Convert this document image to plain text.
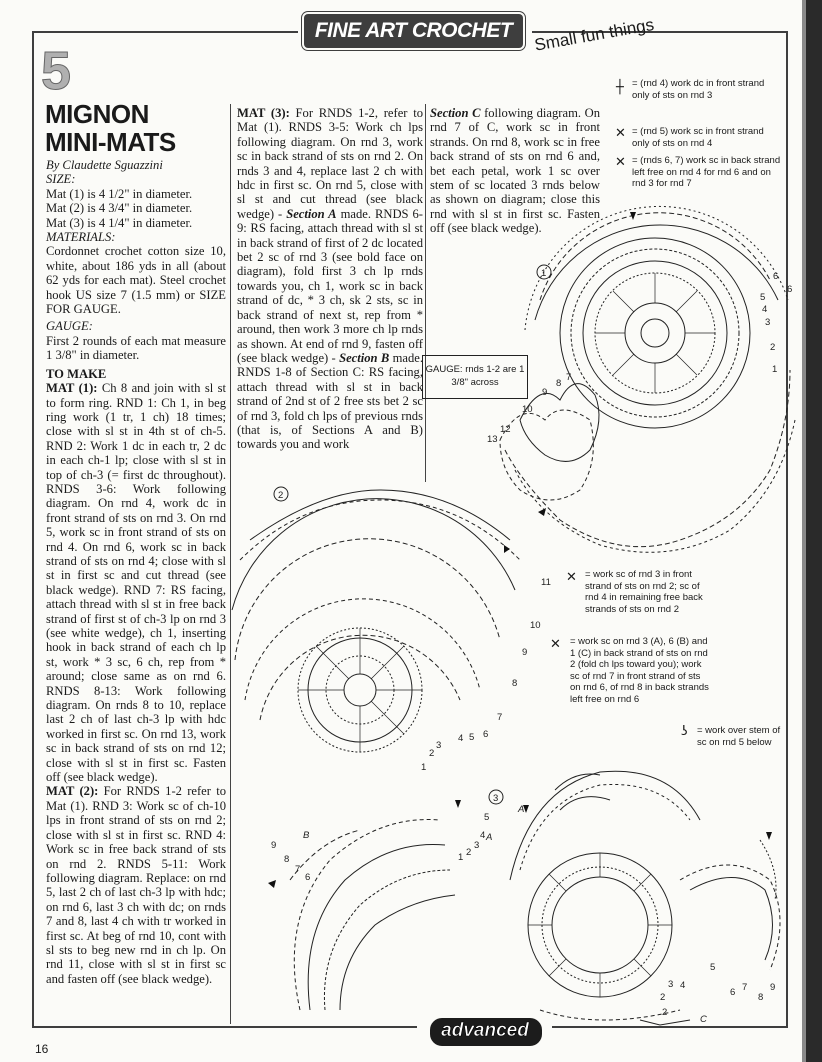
FINE ART CROCHET	Small fun things
5
MIGNON
MINI-MATS

By Claudette Sguazzini

SIZE:

Mat (1) is 4 1/2" in diameter.

Mat (2) is 4 3/4" in diameter.

Mat (3) is 4 1/4" in diameter.

MATERIALS:

Cordonnet crochet cotton size 10, white, about 186 yds in all (about 62 yds for each mat). Steel crochet hook US size 7 (1.5 mm) or SIZE FOR GAUGE.

GAUGE:

First 2 rounds of each mat measure 1 3/8" in diameter.

TO MAKE

MAT (1): Ch 8 and join with sl st to form ring. RND 1: Ch 1, in beg ring work (1 tr, 1 ch) 18 times; close with sl st in 4th st of ch-5. RND 2: Work 1 dc in each tr, 2 dc in each ch-1 lp; close with sl st in top of ch-3 (= first dc throughout). RNDS 3-6: Work following diagram. On rnd 4, work dc in front strand of sts on rnd 3. On rnd 5, work sc in front strand of sts on rnd 4. On rnd 6, work sc in back strand of sts on rnd 4; close with sl st in first sc and cut thread (see black wedge). RND 7: RS facing, attach thread with sl st in free back strand of first st of ch-3 lp on rnd 3 (see white wedge), ch 1, inserting hook in back strand of each ch lp st, work * 3 sc, 6 ch, rep from * around; close same as on rnd 6. RNDS 8-13: Work following diagram. On rnds 8 to 10, replace last 2 ch of last ch-3 lp with hdc worked in first sc. On rnd 13, work sc in back strand of sts on rnd 12; close with sl st in first sc. Fasten off (see black wedge).

MAT (2): For RNDS 1-2 refer to Mat (1). RND 3: Work sc of ch-10 lps in front strand of sts on rnd 2; close with sl st in first sc. RND 4: Work sc in free back strand of sts on rnd 2. RNDS 5-11: Work following diagram. Replace: on rnd 5, last 2 ch of last ch-3 lp with hdc; on rnd 6, last 3 ch with dc; on rnds 7 and 8, last 4 ch with tr worked in first sc. At beg of rnd 10, cont with sl sts to beg new rnd in ch lp. On rnd 11, close with sl st in first sc and fasten off (see black wedge).

MAT (3): For RNDS 1-2, refer to Mat (1). RNDS 3-5: Work ch lps following diagram. On rnd 3, work sc in back strand of sts on rnd 2. On rnds 3 and 4, replace last 2 ch with hdc in first sc. On rnd 5, close with sl st and cut thread (see black wedge) - Section A made. RNDS 6-9: RS facing, attach thread with sl st in back strand of first of 2 dc located bet 2 sc of rnd 3 (see bold face on diagram), fold first 3 ch lp rnds towards you, ch 1, work sc in back strand of dc, * 3 ch, sk 2 sts, sc in back strand of next st, rep from * around, then work 3 more ch lp rnds as shown. At end of rnd 9, fasten off (see black wedge) - Section B made. RNDS 1-8 of Section C: RS facing, attach thread with sl st in back strand of 2nd st of 2 free sts bet 2 sc of rnd 3, fold ch lps of previous rnds (that is, of Sections A and B) towards you and work

Section C following diagram. On rnd 7 of C, work sc in front strands. On rnd 8, work sc in free back strand of sts on rnd 6 and, bet each petal, work 1 sc over stem of sc located 3 rnds below as shown on diagram; close this rnd with sl st in first sc. Fasten off (see black wedge).

GAUGE: rnds 1-2 are 1 3/8" across
┼ = (rnd 4) work dc in front strand only of sts on rnd 3
✕ = (rnd 5) work sc in front strand only of sts on rnd 4
✕ = (rnds 6, 7) work sc in back strand left free on rnd 4 for rnd 6 and on rnd 3 for rnd 7
✕ = work sc of rnd 3 in front strand of sts on rnd 2; sc of rnd 4 in remaining free back strands of sts on rnd 2
✕ = work sc on rnd 3 (A), 6 (B) and 1 (C) in back strand of sts on rnd 2 (fold ch lps toward you); work sc of rnd 7 in front strand of sts on rnd 6, of rnd 8 in back strands left free on rnd 6
ʖ = work over stem of sc on rnd 5 below
1	6
5
4
3
2
1
6
7
8
9
10
12
13
2
11
10
9
8
7
6
5
4
3
2
1
3
5
4 A
3
2
1
9
8
7
6
B
A
2
3 4
5
6 7
8
9
2
C
advanced
16
